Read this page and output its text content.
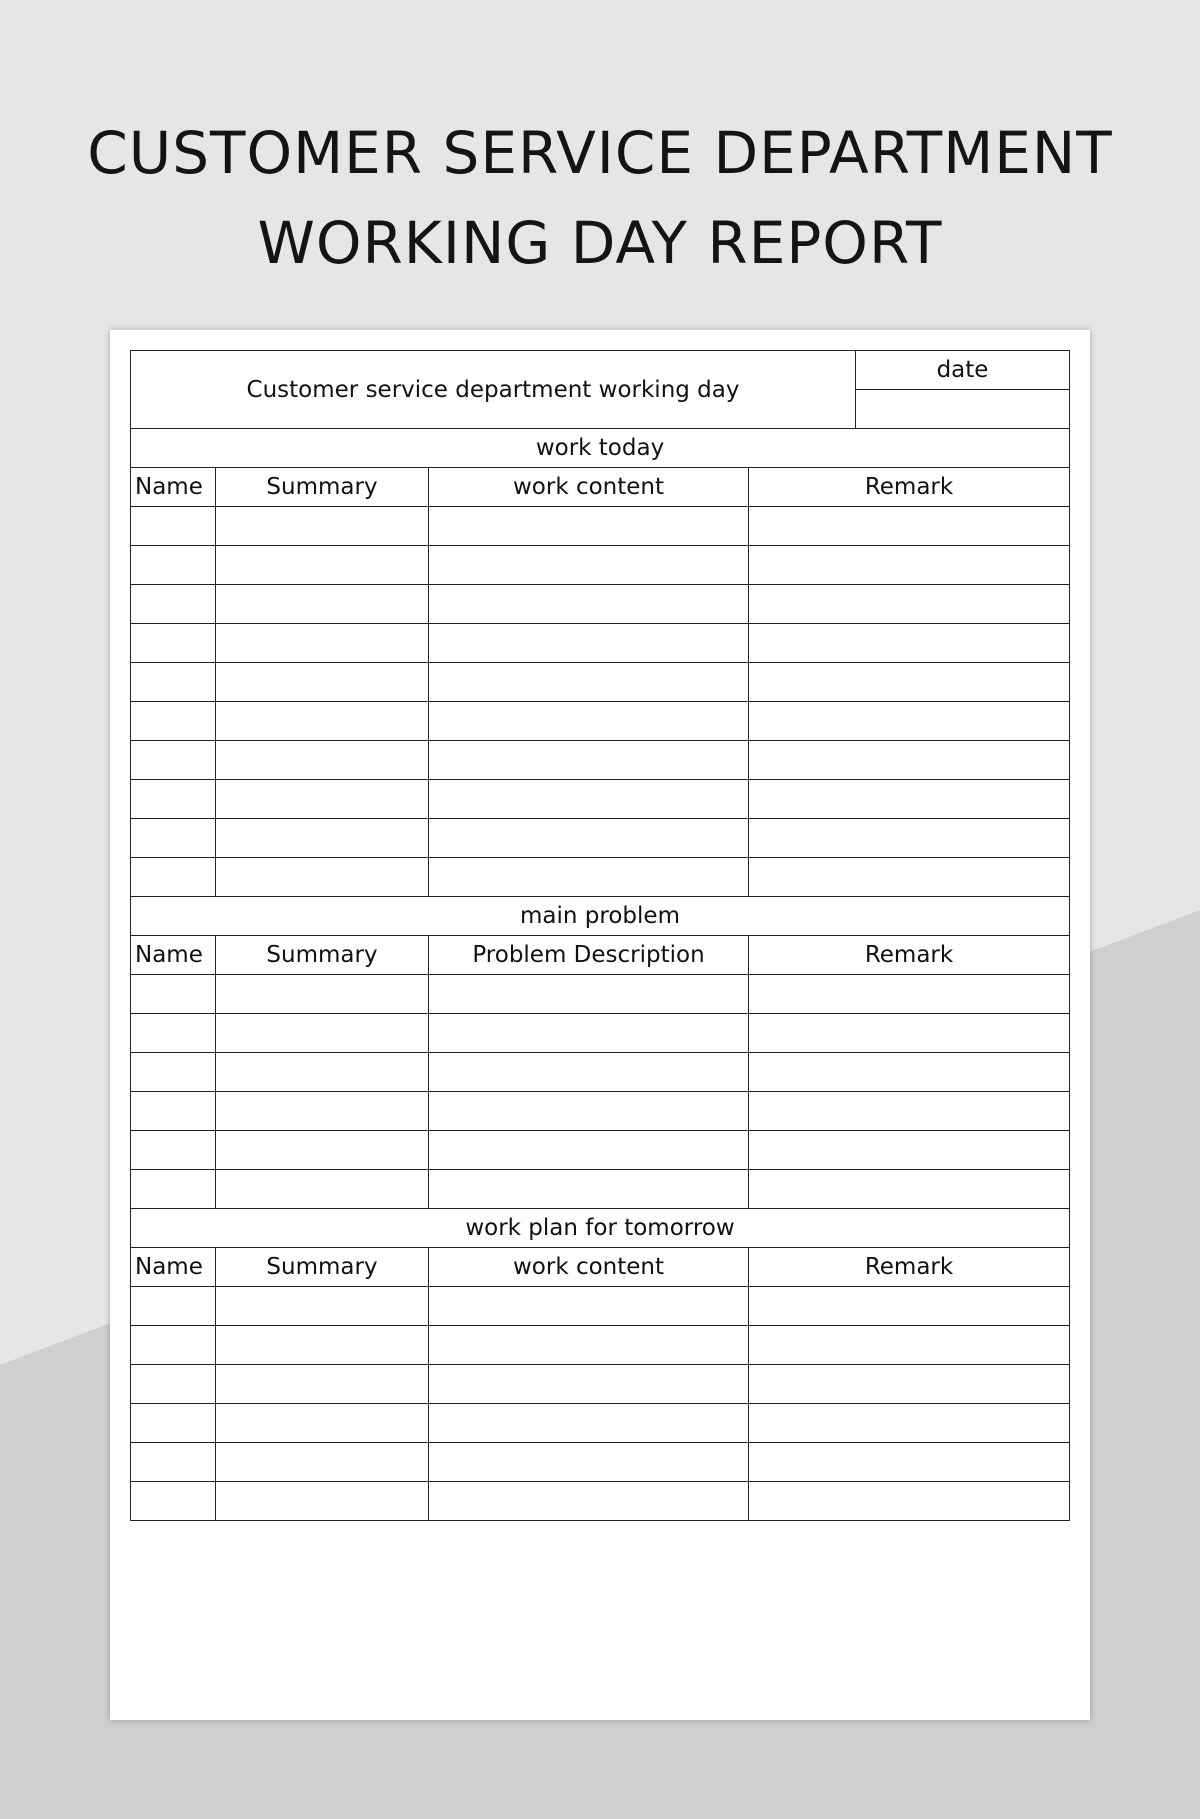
CUSTOMER SERVICE DEPARTMENT
WORKING DAY REPORT
Customer service department working day				date

work today				
Name	Summary	work content	Remark	

main problem				
Name	Summary	Problem Description	Remark	

work plan for tomorrow				
Name	Summary	work content	Remark	
